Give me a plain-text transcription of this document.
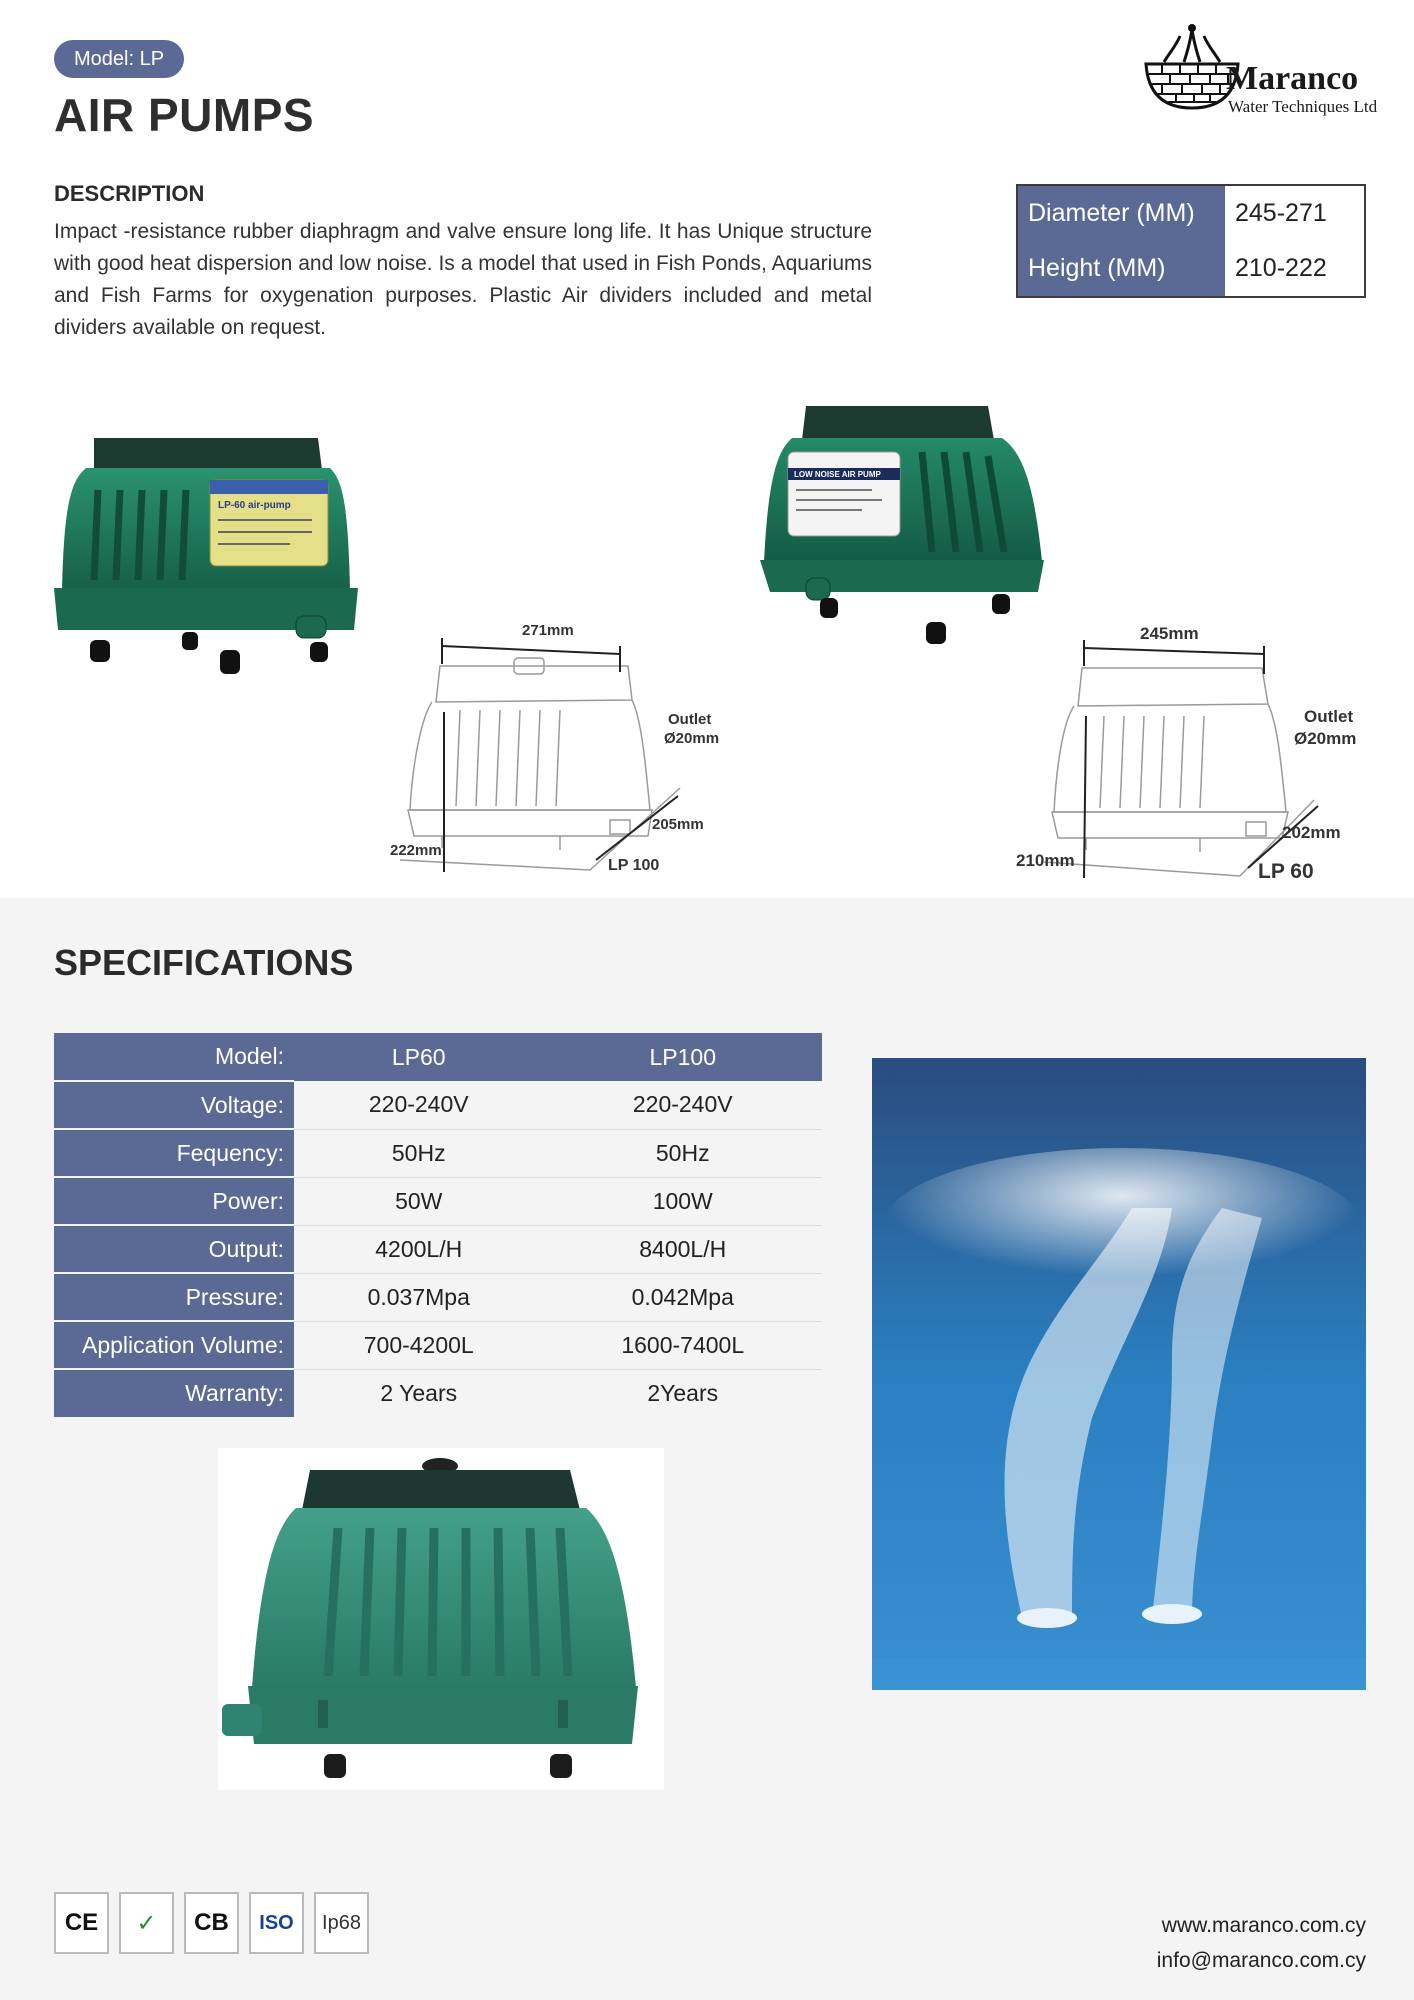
Model: LP
AIR PUMPS
Maranco
Water Techniques Ltd
DESCRIPTION
Impact -resistance rubber diaphragm and valve ensure long life. It has Unique structure with good heat dispersion and low noise. Is a model that used in Fish Ponds, Aquariums and Fish Farms for oxygenation purposes. Plastic Air dividers included and metal dividers available on request.
Diameter (MM)	245-271
Height (MM)	210-222
LP-60 air-pump
LOW NOISE AIR PUMP
271mm
Outlet
Ø20mm
205mm
222mm
LP 100
245mm
Outlet
Ø20mm
202mm
210mm	LP 60
SPECIFICATIONS
Model:	LP60	LP100
Voltage:	220-240V	220-240V
Fequency:	50Hz	50Hz
Power:	50W	100W
Output:	4200L/H	8400L/H
Pressure:	0.037Mpa	0.042Mpa
Application Volume:	700-4200L	1600-7400L
Warranty:	2 Years	2Years
CE ✓ CB ISO Ip68	www.maranco.com.cy
info@maranco.com.cy
